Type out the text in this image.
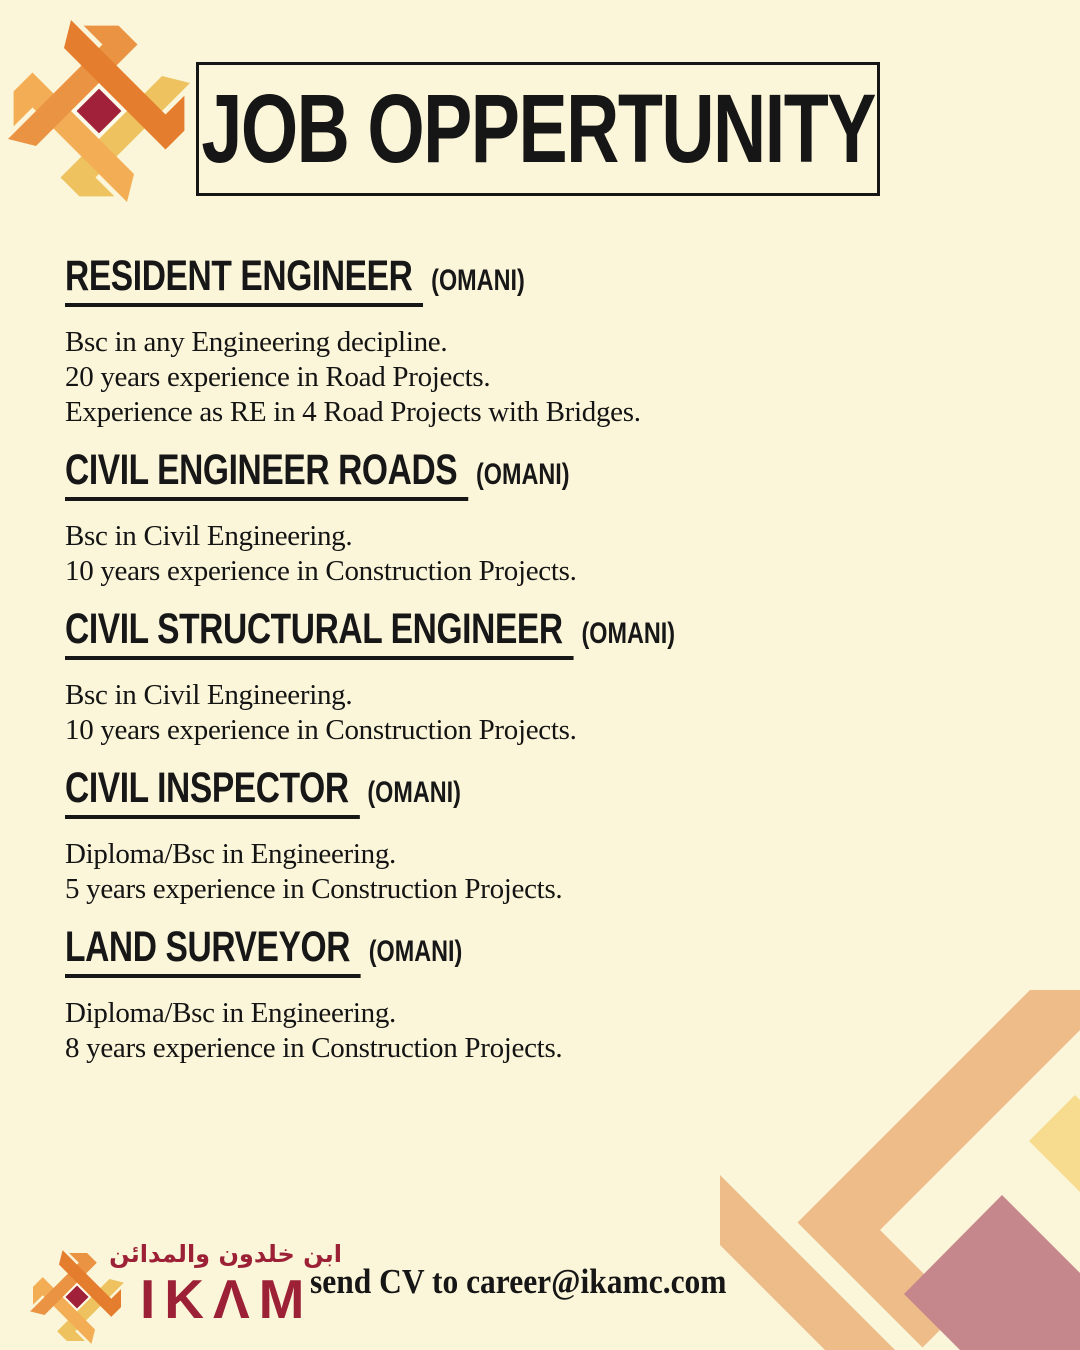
JOB OPPERTUNITY
RESIDENT ENGINEER (OMANI)
Bsc in any Engineering decipline.
20 years experience in Road Projects.
Experience as RE in 4 Road Projects with Bridges.
CIVIL ENGINEER ROADS (OMANI)
Bsc in Civil Engineering.
10 years experience in Construction Projects.
CIVIL STRUCTURAL ENGINEER (OMANI)
Bsc in Civil Engineering.
10 years experience in Construction Projects.
CIVIL INSPECTOR (OMANI)
Diploma/Bsc in Engineering.
5 years experience in Construction Projects.
LAND SURVEYOR (OMANI)
Diploma/Bsc in Engineering.
8 years experience in Construction Projects.
ابن خلدون والمدائن
IKΛM
send CV to career@ikamc.com
